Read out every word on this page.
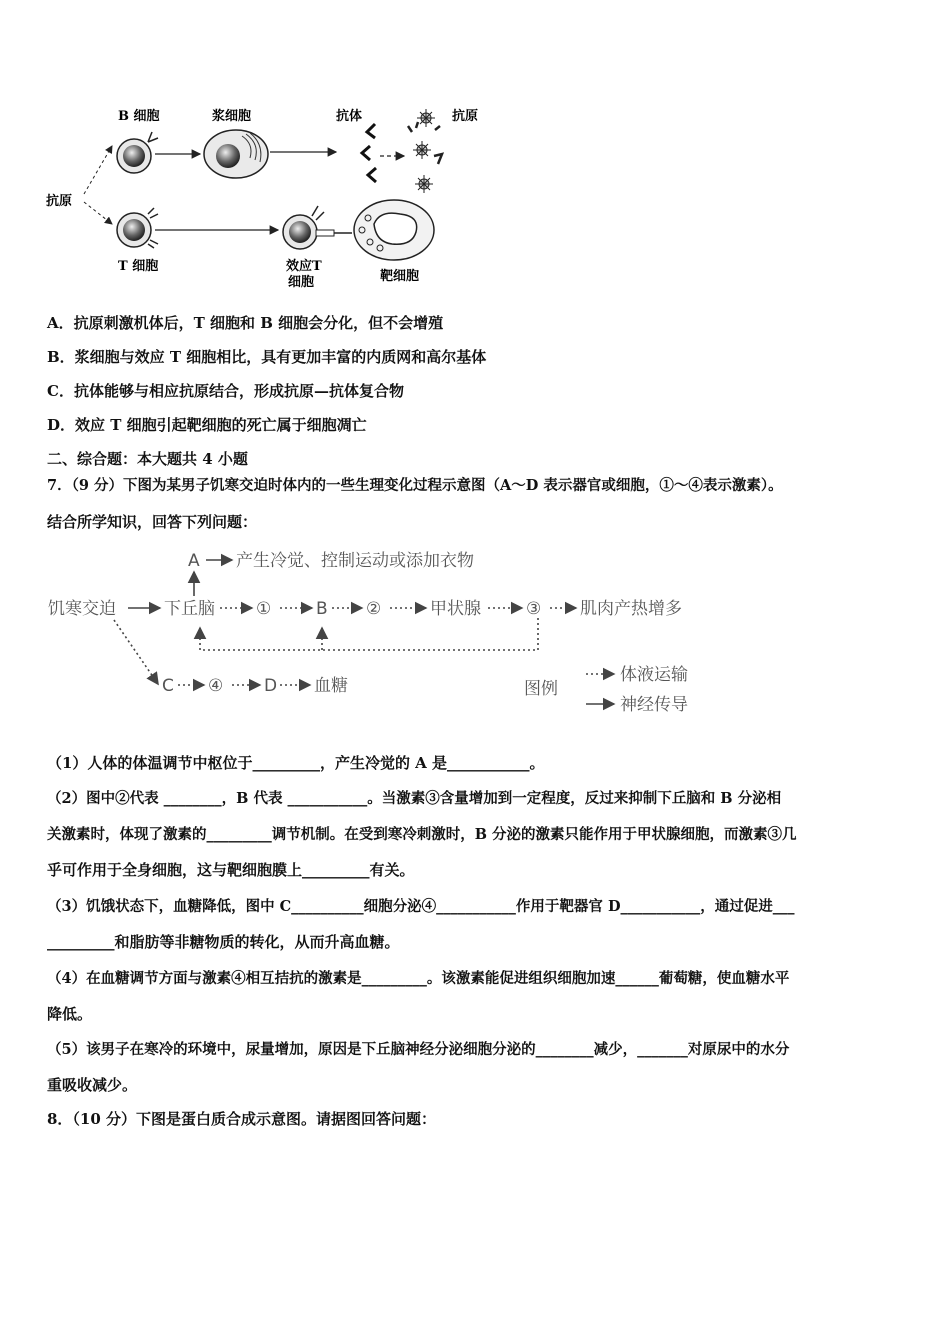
B 细胞	浆细胞	抗体	抗原
抗原
T 细胞	效应T
细胞	靶细胞
A．抗原刺激机体后，T 细胞和 B 细胞会分化，但不会增殖
B．浆细胞与效应 T 细胞相比，具有更加丰富的内质网和高尔基体
C．抗体能够与相应抗原结合，形成抗原—抗体复合物
D．效应 T 细胞引起靶细胞的死亡属于细胞凋亡
二、综合题：本大题共 4 小题
7．（9 分）下图为某男子饥寒交迫时体内的一些生理变化过程示意图（A～D 表示器官或细胞，①～④表示激素）。
结合所学知识，回答下列问题：
饥寒交迫	下丘脑
A 产生冷觉、控制运动或添加衣物
①	B ②	甲状腺	③ 肌肉产热增多
C ④ D 血糖	图例
体液运输
神经传导
（1）人体的体温调节中枢位于_________，产生冷觉的 A 是___________。
（2）图中②代表 ________，B 代表 ___________。当激素③含量增加到一定程度，反过来抑制下丘脑和 B 分泌相
关激素时，体现了激素的_________调节机制。在受到寒冷刺激时，B 分泌的激素只能作用于甲状腺细胞，而激素③几
乎可作用于全身细胞，这与靶细胞膜上_________有关。
（3）饥饿状态下，血糖降低，图中 C__________细胞分泌④___________作用于靶器官 D___________，通过促进___
_________和脂肪等非糖物质的转化，从而升高血糖。
（4）在血糖调节方面与激素④相互拮抗的激素是_________。该激素能促进组织细胞加速______葡萄糖，使血糖水平
降低。
（5）该男子在寒冷的环境中，尿量增加，原因是下丘脑神经分泌细胞分泌的________减少，_______对原尿中的水分
重吸收减少。
8．（10 分）下图是蛋白质合成示意图。请据图回答问题：
